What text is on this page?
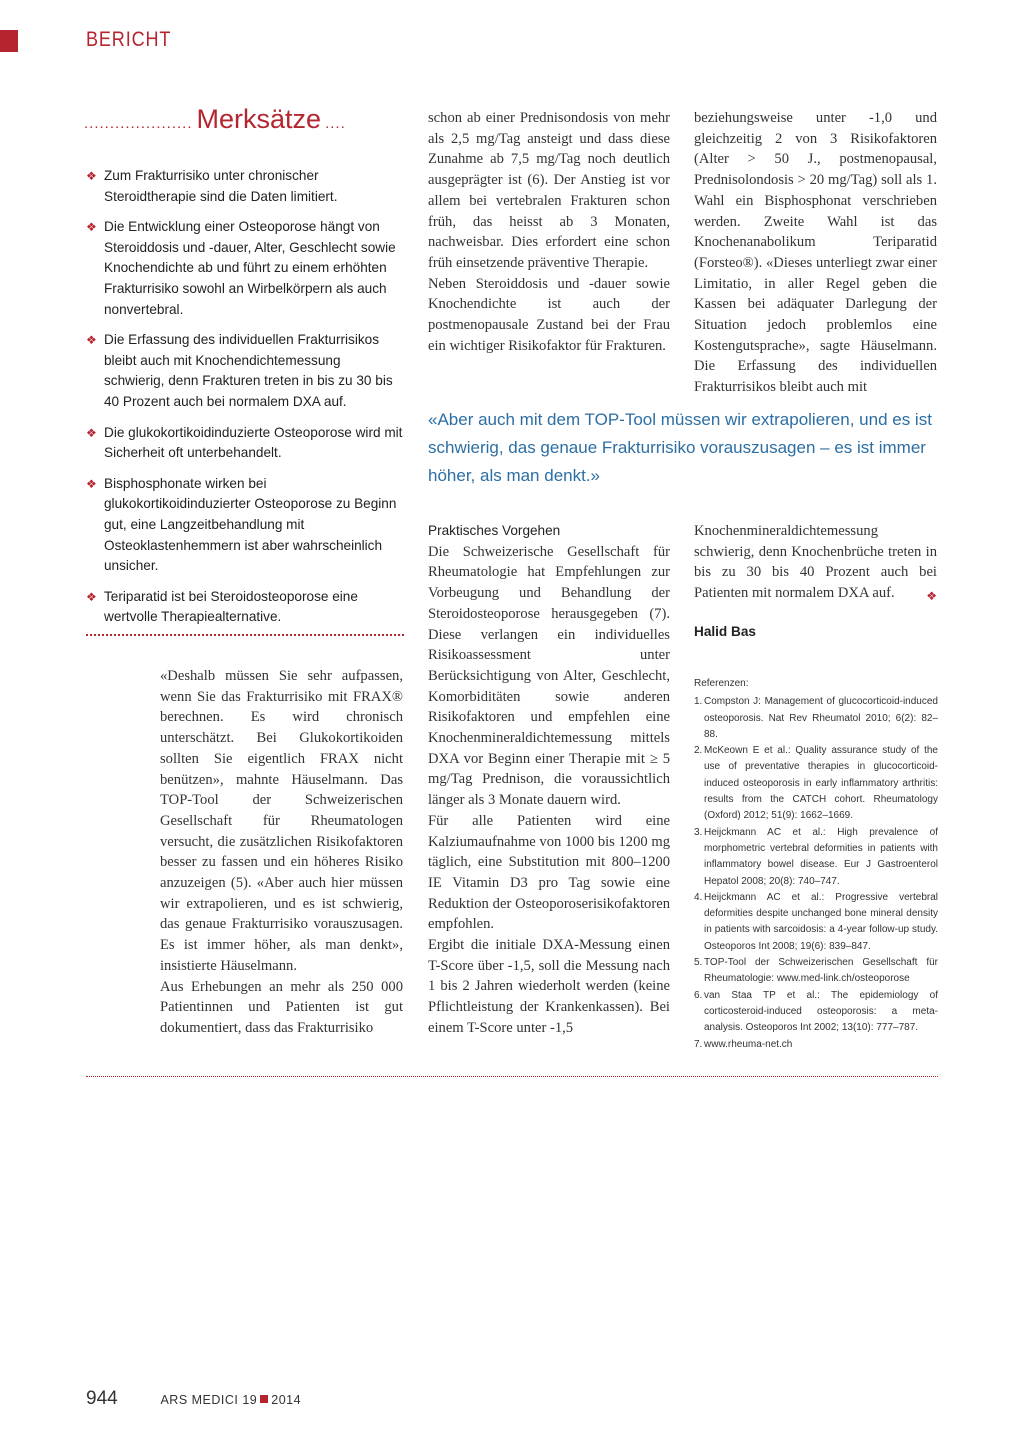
BERICHT
..................... Merksätze ....
❖ Zum Frakturrisiko unter chronischer Steroidtherapie sind die Daten limitiert.
❖ Die Entwicklung einer Osteoporose hängt von Steroiddosis und -dauer, Alter, Geschlecht sowie Knochendichte ab und führt zu einem erhöhten Frakturrisiko sowohl an Wirbelkörpern als auch nonvertebral.
❖ Die Erfassung des individuellen Frakturrisikos bleibt auch mit Knochendichtemessung schwierig, denn Frakturen treten in bis zu 30 bis 40 Prozent auch bei normalem DXA auf.
❖ Die glukokortikoidinduzierte Osteoporose wird mit Sicherheit oft unterbehandelt.
❖ Bisphosphonate wirken bei glukokortikoidinduzierter Osteoporose zu Beginn gut, eine Langzeitbehandlung mit Osteoklastenhemmern ist aber wahrscheinlich unsicher.
❖ Teriparatid ist bei Steroidosteoporose eine wertvolle Therapiealternative.

«Deshalb müssen Sie sehr aufpassen, wenn Sie das Frakturrisiko mit FRAX® berechnen. Es wird chronisch unterschätzt. Bei Glukokortikoiden sollten Sie eigentlich FRAX nicht benützen», mahnte Häuselmann. Das TOP-Tool der Schweizerischen Gesellschaft für Rheumatologen versucht, die zusätzlichen Risikofaktoren besser zu fassen und ein höheres Risiko anzuzeigen (5). «Aber auch hier müssen wir extrapolieren, und es ist schwierig, das genaue Frakturrisiko vorauszusagen. Es ist immer höher, als man denkt», insistierte Häuselmann.

Aus Erhebungen an mehr als 250 000 Patientinnen und Patienten ist gut dokumentiert, dass das Frakturrisiko

schon ab einer Prednisondosis von mehr als 2,5 mg/Tag ansteigt und dass diese Zunahme ab 7,5 mg/Tag noch deutlich ausgeprägter ist (6). Der Anstieg ist vor allem bei vertebralen Frakturen schon früh, das heisst ab 3 Monaten, nachweisbar. Dies erfordert eine schon früh einsetzende präventive Therapie.

Neben Steroiddosis und -dauer sowie Knochendichte ist auch der postmenopausale Zustand bei der Frau ein wichtiger Risikofaktor für Frakturen.

beziehungsweise unter -1,0 und gleichzeitig 2 von 3 Risikofaktoren (Alter > 50 J., postmenopausal, Prednisolondosis > 20 mg/Tag) soll als 1. Wahl ein Bisphosphonat verschrieben werden. Zweite Wahl ist das Knochenanabolikum Teriparatid (Forsteo®). «Dieses unterliegt zwar einer Limitatio, in aller Regel geben die Kassen bei adäquater Darlegung der Situation jedoch problemlos eine Kostengutsprache», sagte Häuselmann. Die Erfassung des individuellen Frakturrisikos bleibt auch mit

«Aber auch mit dem TOP-Tool müssen wir extrapolieren, und es ist schwierig, das genaue Frakturrisiko vorauszusagen – es ist immer höher, als man denkt.»

Praktisches Vorgehen

Die Schweizerische Gesellschaft für Rheumatologie hat Empfehlungen zur Vorbeugung und Behandlung der Steroidosteoporose herausgegeben (7). Diese verlangen ein individuelles Risikoassessment unter Berücksichtigung von Alter, Geschlecht, Komorbiditäten sowie anderen Risikofaktoren und empfehlen eine Knochenmineraldichtemessung mittels DXA vor Beginn einer Therapie mit ≥ 5 mg/Tag Prednison, die voraussichtlich länger als 3 Monate dauern wird.

Für alle Patienten wird eine Kalziumaufnahme von 1000 bis 1200 mg täglich, eine Substitution mit 800–1200 IE Vitamin D3 pro Tag sowie eine Reduktion der Osteoporoserisikofaktoren empfohlen.

Ergibt die initiale DXA-Messung einen T-Score über -1,5, soll die Messung nach 1 bis 2 Jahren wiederholt werden (keine Pflichtleistung der Krankenkassen). Bei einem T-Score unter -1,5

Knochenmineraldichtemessung schwierig, denn Knochenbrüche treten in bis zu 30 bis 40 Prozent auch bei Patienten mit normalem DXA auf.	❖

Halid Bas
Referenzen:
1. Compston J: Management of glucocorticoid-induced osteoporosis. Nat Rev Rheumatol 2010; 6(2): 82–88.
2. McKeown E et al.: Quality assurance study of the use of preventative therapies in glucocorticoid-induced osteoporosis in early inflammatory arthritis: results from the CATCH cohort. Rheumatology (Oxford) 2012; 51(9): 1662–1669.
3. Heijckmann AC et al.: High prevalence of morphometric vertebral deformities in patients with inflammatory bowel disease. Eur J Gastroenterol Hepatol 2008; 20(8): 740–747.
4. Heijckmann AC et al.: Progressive vertebral deformities despite unchanged bone mineral density in patients with sarcoidosis: a 4-year follow-up study. Osteoporos Int 2008; 19(6): 839–847.
5. TOP-Tool der Schweizerischen Gesellschaft für Rheumatologie: www.med-link.ch/osteoporose
6. van Staa TP et al.: The epidemiology of corticosteroid-induced osteoporosis: a meta-analysis. Osteoporos Int 2002; 13(10): 777–787.
7. www.rheuma-net.ch
944	ARS MEDICI 19 2014
